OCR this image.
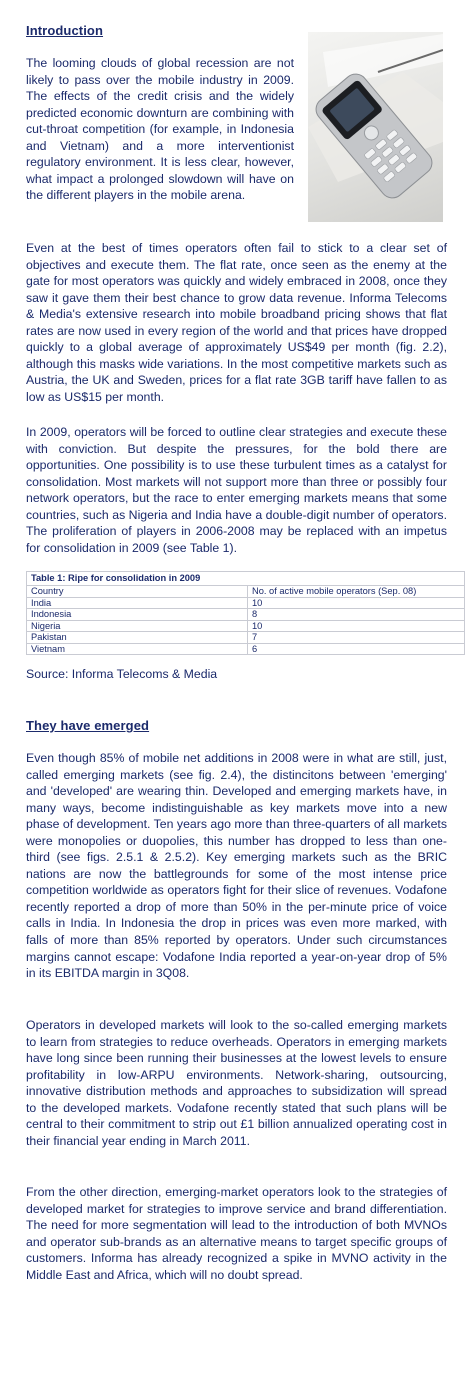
Introduction

The looming clouds of global recession are not likely to pass over the mobile industry in 2009. The effects of the credit crisis and the widely predicted economic downturn are combining with cut-throat competition (for example, in Indonesia and Vietnam) and a more interventionist regulatory environment. It is less clear, however, what impact a prolonged slowdown will have on the different players in the mobile arena.

Even at the best of times operators often fail to stick to a clear set of objectives and execute them. The flat rate, once seen as the enemy at the gate for most operators was quickly and widely embraced in 2008, once they saw it gave them their best chance to grow data revenue. Informa Telecoms & Media's extensive research into mobile broadband pricing shows that flat rates are now used in every region of the world and that prices have dropped quickly to a global average of approximately US$49 per month (fig. 2.2), although this masks wide variations. In the most competitive markets such as Austria, the UK and Sweden, prices for a flat rate 3GB tariff have fallen to as low as US$15 per month.

In 2009, operators will be forced to outline clear strategies and execute these with conviction. But despite the pressures, for the bold there are opportunities. One possibility is to use these turbulent times as a catalyst for consolidation. Most markets will not support more than three or possibly four network operators, but the race to enter emerging markets means that some countries, such as Nigeria and India have a double-digit number of operators. The proliferation of players in 2006-2008 may be replaced with an impetus for consolidation in 2009 (see Table 1).

Table 1: Ripe for consolidation in 2009
Country	No. of active mobile operators (Sep. 08)
India	10
Indonesia	8
Nigeria	10
Pakistan	7
Vietnam	6
Source: Informa Telecoms & Media
They have emerged

Even though 85% of mobile net additions in 2008 were in what are still, just, called emerging markets (see fig. 2.4), the distincitons between 'emerging' and 'developed' are wearing thin. Developed and emerging markets have, in many ways, become indistinguishable as key markets move into a new phase of development. Ten years ago more than three-quarters of all markets were monopolies or duopolies, this number has dropped to less than one-third (see figs. 2.5.1 & 2.5.2). Key emerging markets such as the BRIC nations are now the battlegrounds for some of the most intense price competition worldwide as operators fight for their slice of revenues. Vodafone recently reported a drop of more than 50% in the per-minute price of voice calls in India. In Indonesia the drop in prices was even more marked, with falls of more than 85% reported by operators. Under such circumstances margins cannot escape: Vodafone India reported a year-on-year drop of 5% in its EBITDA margin in 3Q08.

Operators in developed markets will look to the so-called emerging markets to learn from strategies to reduce overheads. Operators in emerging markets have long since been running their businesses at the lowest levels to ensure profitability in low-ARPU environments. Network-sharing, outsourcing, innovative distribution methods and approaches to subsidization will spread to the developed markets. Vodafone recently stated that such plans will be central to their commitment to strip out £1 billion annualized operating cost in their financial year ending in March 2011.

From the other direction, emerging-market operators look to the strategies of developed market for strategies to improve service and brand differentiation. The need for more segmentation will lead to the introduction of both MVNOs and operator sub-brands as an alternative means to target specific groups of customers. Informa has already recognized a spike in MVNO activity in the Middle East and Africa, which will no doubt spread.
